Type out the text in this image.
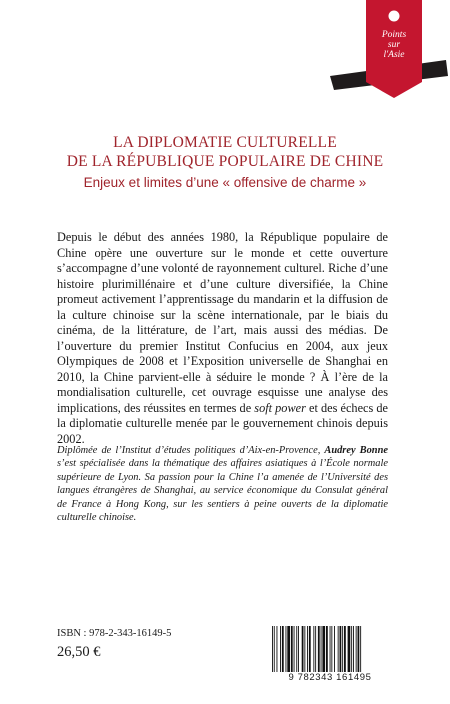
Points
sur
l'Asie
LA DIPLOMATIE CULTURELLE
DE LA RÉPUBLIQUE POPULAIRE DE CHINE
Enjeux et limites d’une « offensive de charme »
Depuis le début des années 1980, la République populaire de Chine opère une ouverture sur le monde et cette ouverture s’accompagne d’une volonté de rayonnement culturel. Riche d’une histoire plurimillénaire et d’une culture diversifiée, la Chine promeut activement l’apprentissage du mandarin et la diffusion de la culture chinoise sur la scène internationale, par le biais du cinéma, de la littérature, de l’art, mais aussi des médias. De l’ouverture du premier Institut Confucius en 2004, aux jeux Olympiques de 2008 et l’Exposition universelle de Shanghai en 2010, la Chine parvient-elle à séduire le monde ? À l’ère de la mondialisation culturelle, cet ouvrage esquisse une analyse des implications, des réussites en termes de soft power et des échecs de la diplomatie culturelle menée par le gouvernement chinois depuis 2002.
Diplômée de l’Institut d’études politiques d’Aix-en-Provence, Audrey Bonne s’est spécialisée dans la thématique des affaires asiatiques à l’École normale supérieure de Lyon. Sa passion pour la Chine l’a amenée de l’Université des langues étrangères de Shanghai, au service économique du Consulat général de France à Hong Kong, sur les sentiers à peine ouverts de la diplomatie culturelle chinoise.
ISBN : 978-2-343-16149-5
26,50 €
9 782343 161495
